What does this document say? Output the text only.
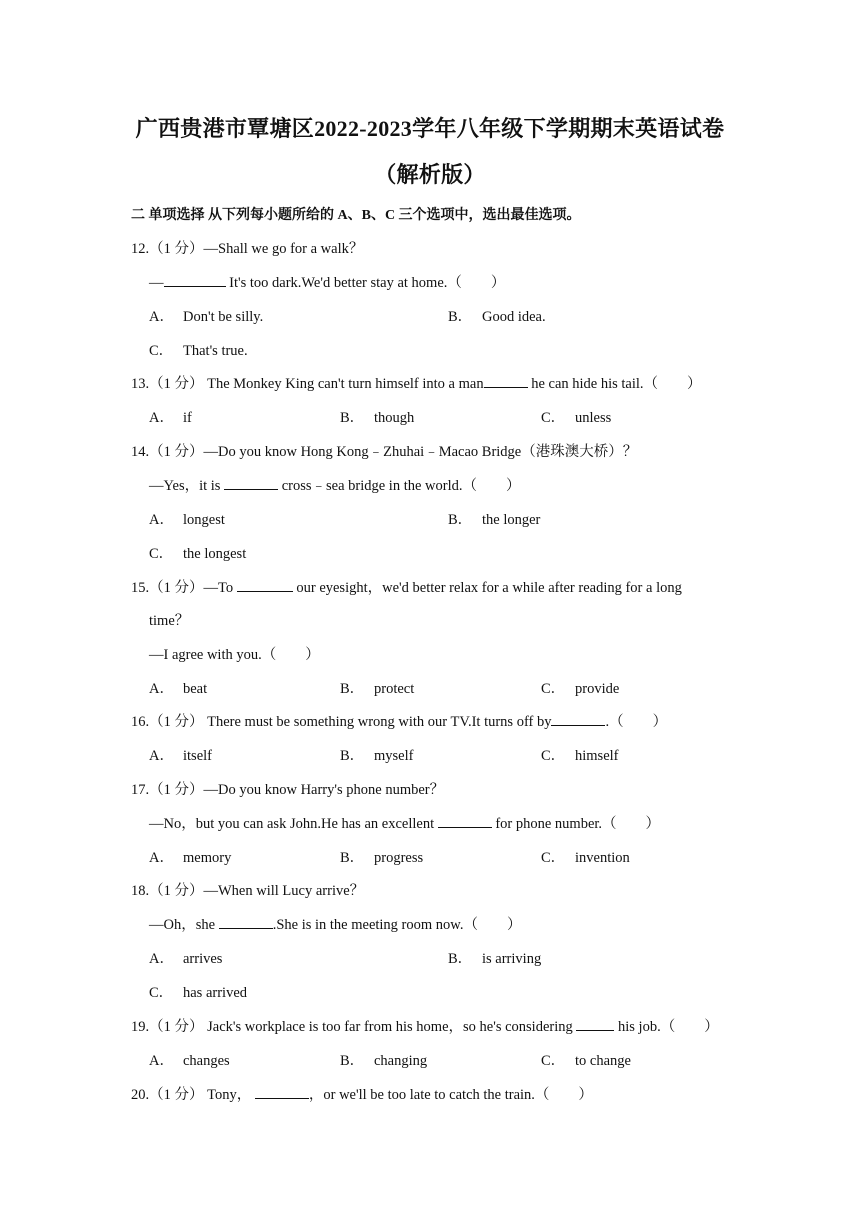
广西贵港市覃塘区2022-2023学年八年级下学期期末英语试卷
（解析版）
二 单项选择 从下列每小题所给的 A、B、C 三个选项中，选出最佳选项。
12.（1 分）—Shall we go for a walk？
—	It's too dark.We'd better stay at home.（　　）
A． Don't be silly.	B． Good idea.
C． That's true.
13.（1 分） The Monkey King can't turn himself into a man	he can hide his tail.（　　）
A． if	B． though	C． unless
14.（1 分）—Do you know Hong Kong﹣Zhuhai﹣Macao Bridge（港珠澳大桥）？
—Yes，it is	cross﹣sea bridge in the world.（　　）
A． longest	B． the longer
C． the longest
15.（1 分）—To	our eyesight，we'd better relax for a while after reading for a long
time？
—I agree with you.（　　）
A． beat	B． protect	C． provide
16.（1 分） There must be something wrong with our TV.It turns off by	.（　　）
A． itself	B． myself	C． himself
17.（1 分）—Do you know Harry's phone number？
—No，but you can ask John.He has an excellent	for phone number.（　　）
A． memory	B． progress	C． invention
18.（1 分）—When will Lucy arrive？
—Oh，she	.She is in the meeting room now.（　　）
A． arrives	B． is arriving
C． has arrived
19.（1 分） Jack's workplace is too far from his home，so he's considering	his job.（　　）
A． changes	B． changing	C． to change
20.（1 分） Tony，	，or we'll be too late to catch the train.（　　）
